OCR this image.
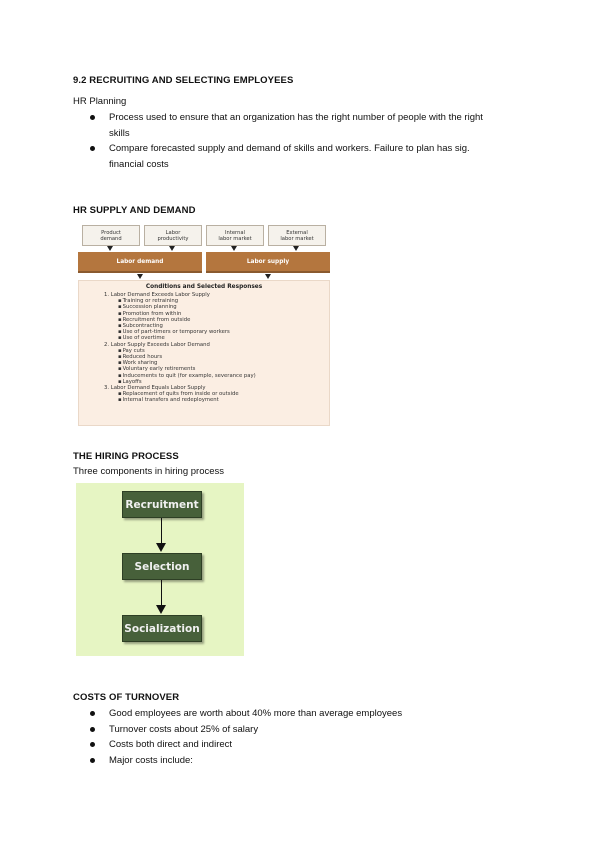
9.2 RECRUITING AND SELECTING EMPLOYEES
HR Planning
Process used to ensure that an organization has the right number of people with the right
skills
Compare forecasted supply and demand of skills and workers. Failure to plan has sig.
financial costs
HR SUPPLY AND DEMAND
Product
demand
Labor
productivity
Internal
labor market
External
labor market
Labor demand	Labor supply
Conditions and Selected Responses
1. Labor Demand Exceeds Labor Supply
▪ Training or retraining
▪ Succession planning
▪ Promotion from within
▪ Recruitment from outside
▪ Subcontracting
▪ Use of part-timers or temporary workers
▪ Use of overtime
2. Labor Supply Exceeds Labor Demand
▪ Pay cuts
▪ Reduced hours
▪ Work sharing
▪ Voluntary early retirements
▪ Inducements to quit (for example, severance pay)
▪ Layoffs
3. Labor Demand Equals Labor Supply
▪ Replacement of quits from inside or outside
▪ Internal transfers and redeployment
THE HIRING PROCESS
Three components in hiring process
Recruitment
Selection
Socialization
COSTS OF TURNOVER
Good employees are worth about 40% more than average employees
Turnover costs about 25% of salary
Costs both direct and indirect
Major costs include:
